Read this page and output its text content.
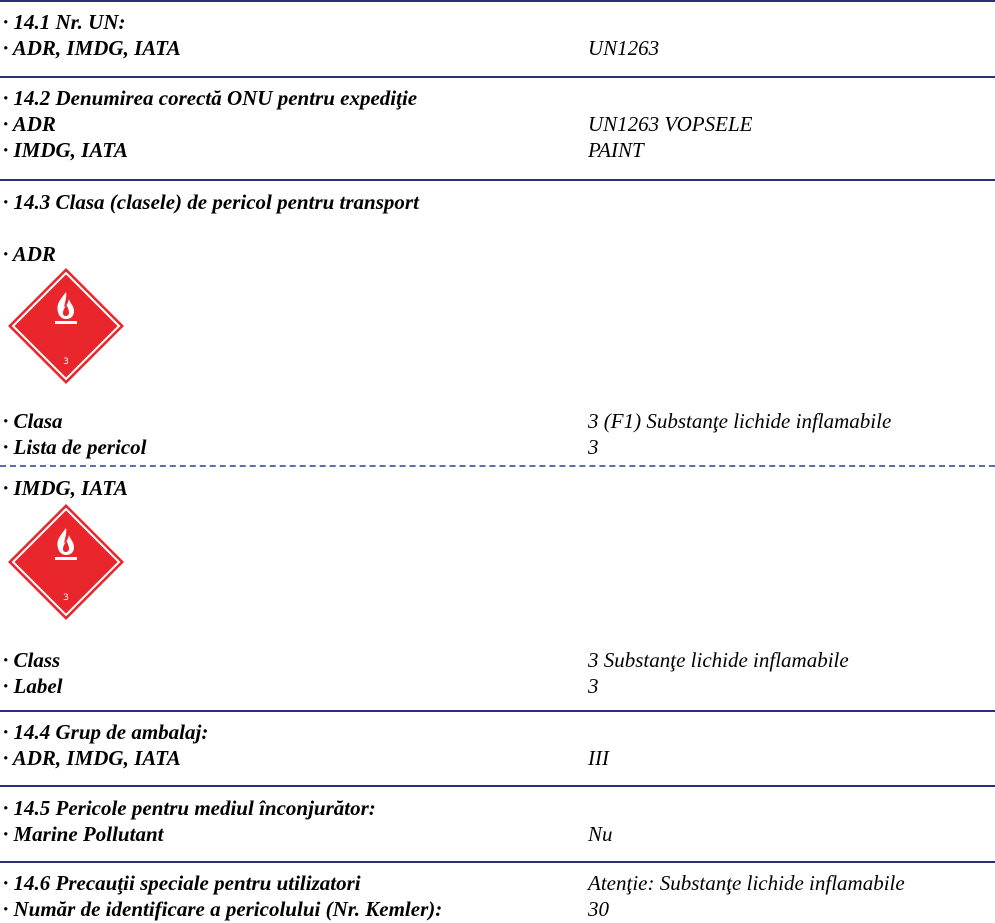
· 14.1 Nr. UN:
· ADR, IMDG, IATA	UN1263
· 14.2 Denumirea corectă ONU pentru expediţie
· ADR	UN1263 VOPSELE
· IMDG, IATA	PAINT
· 14.3 Clasa (clasele) de pericol pentru transport
· ADR
3
· Clasa	3 (F1) Substanţe lichide inflamabile
· Lista de pericol	3
· IMDG, IATA
3
· Class	3 Substanţe lichide inflamabile
· Label	3
· 14.4 Grup de ambalaj:
· ADR, IMDG, IATA	III
· 14.5 Pericole pentru mediul înconjurător:
· Marine Pollutant	Nu
· 14.6 Precauţii speciale pentru utilizatori	Atenţie: Substanţe lichide inflamabile
· Număr de identificare a pericolului (Nr. Kemler):	30
